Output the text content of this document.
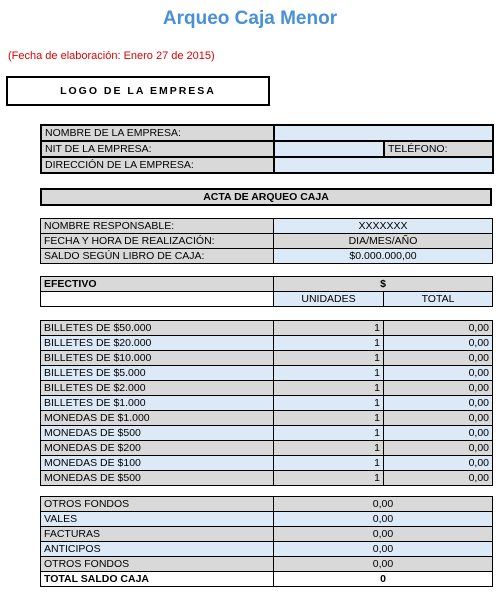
Arqueo Caja Menor
(Fecha de elaboración: Enero 27 de 2015)
LOGO DE LA EMPRESA
NOMBRE DE LA EMPRESA:		
NIT DE LA EMPRESA:		TELÉFONO:
DIRECCIÓN DE LA EMPRESA:		
ACTA DE ARQUEO CAJA
NOMBRE RESPONSABLE:	XXXXXXX
FECHA Y HORA DE REALIZACIÓN:	DIA/MES/AÑO
SALDO SEGÚN LIBRO DE CAJA:	$0.000.000,00
EFECTIVO	$	
	UNIDADES	TOTAL
BILLETES DE $50.000	1	0,00
BILLETES DE $20.000	1	0,00
BILLETES DE $10.000	1	0,00
BILLETES DE $5.000	1	0,00
BILLETES DE $2.000	1	0,00
BILLETES DE $1.000	1	0,00
MONEDAS DE $1.000	1	0,00
MONEDAS DE $500	1	0,00
MONEDAS DE $200	1	0,00
MONEDAS DE $100	1	0,00
MONEDAS DE $500	1	0,00
OTROS FONDOS	0,00
VALES	0,00
FACTURAS	0,00
ANTICIPOS	0,00
OTROS FONDOS	0,00
TOTAL SALDO CAJA	0
